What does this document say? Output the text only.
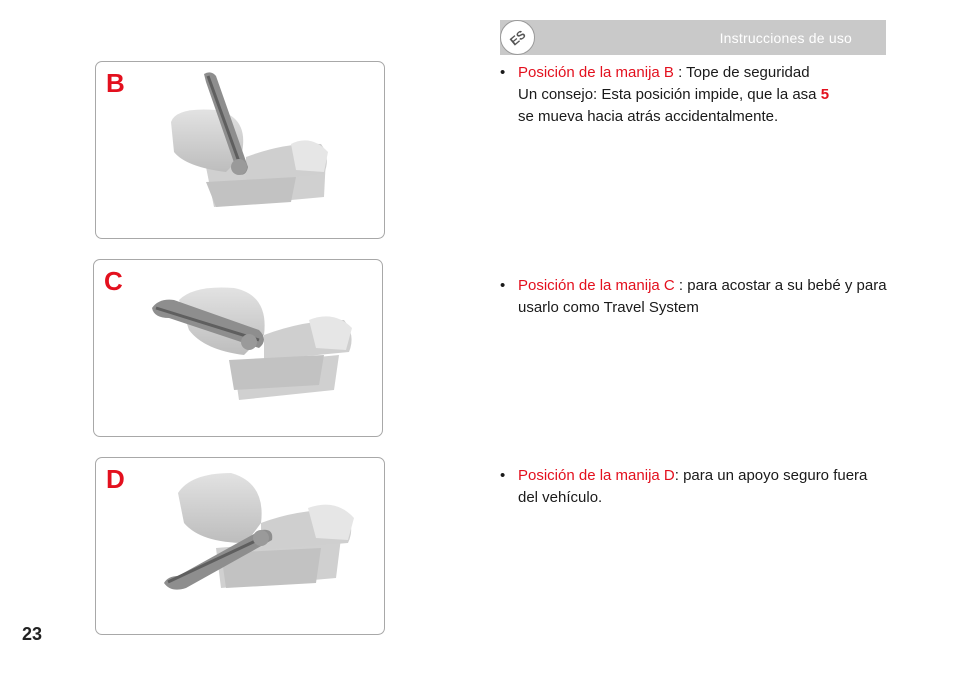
Instrucciones de uso
ES
B
C
D
• Posición de la manija B : Tope de seguridad
Un consejo: Esta posición impide, que la asa 5
se mueva hacia atrás accidentalmente.
• Posición de la manija C : para acostar a su bebé y para usarlo como Travel System
• Posición de la manija D: para un apoyo seguro fuera del vehículo.
23
